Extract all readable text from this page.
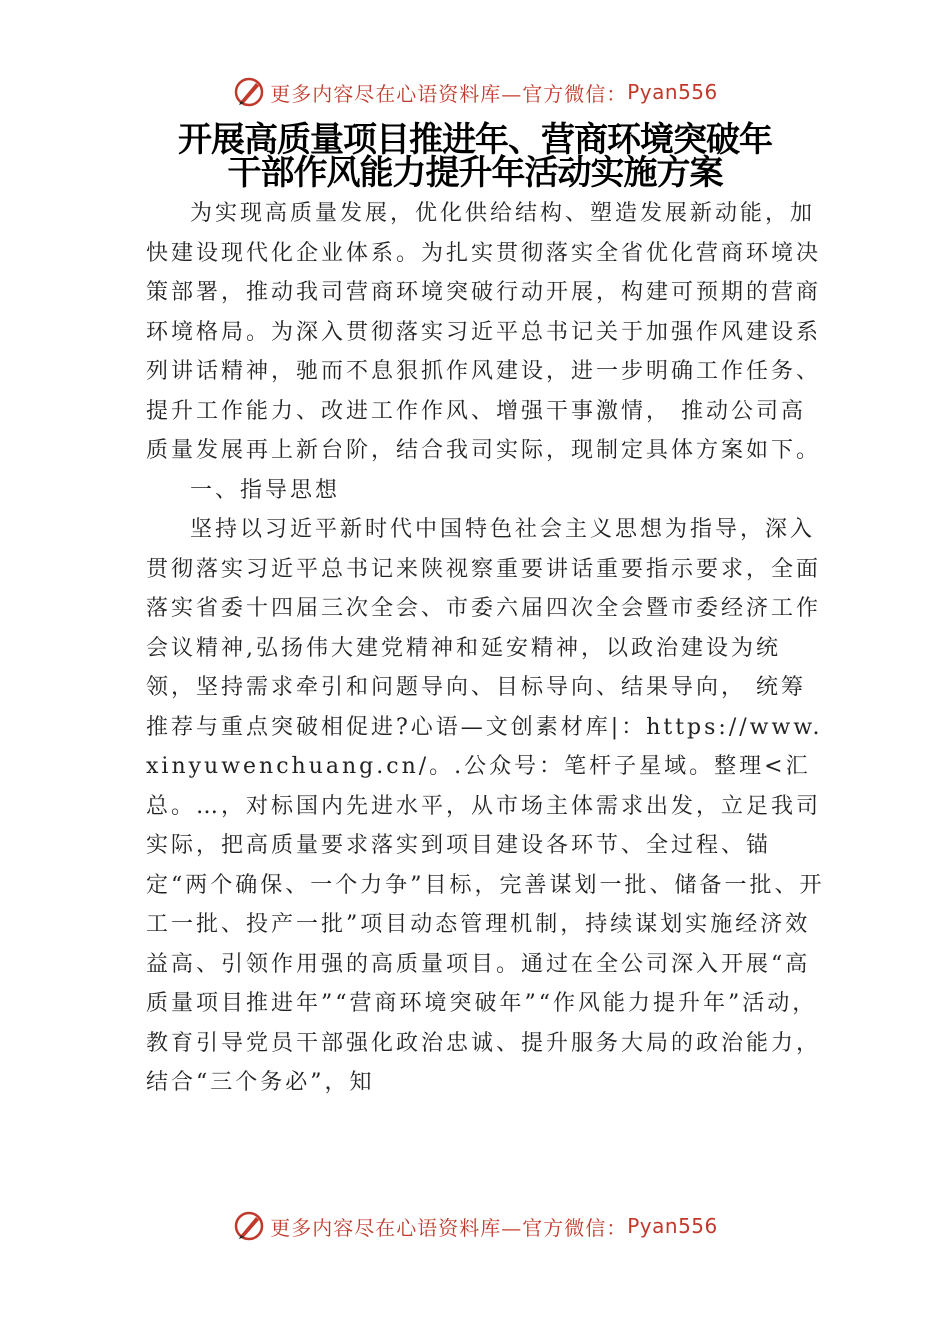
更多内容尽在心语资料库—官方微信： Pyan556
开展高质量项目推进年、营商环境突破年
干部作风能力提升年活动实施方案

为实现高质量发展，优化供给结构、塑造发展新动能，加快建设现代化企业体系。为扎实贯彻落实全省优化营商环境决策部署，推动我司营商环境突破行动开展，构建可预期的营商环境格局。为深入贯彻落实习近平总书记关于加强作风建设系列讲话精神，驰而不息狠抓作风建设，进一步明确工作任务、提升工作能力、改进工作作风、增强干事激情， 推动公司高质量发展再上新台阶，结合我司实际，现制定具体方案如下。

一、指导思想

坚持以习近平新时代中国特色社会主义思想为指导，深入贯彻落实习近平总书记来陕视察重要讲话重要指示要求，全面落实省委十四届三次全会、市委六届四次全会暨市委经济工作会议精神,弘扬伟大建党精神和延安精神，以政治建设为统领，坚持需求牵引和问题导向、目标导向、结果导向， 统筹推荐与重点突破相促进?心语—文创素材库|：https://www.xinyuwenchuang.cn/。.公众号：笔杆子星域。整理<汇总。…，对标国内先进水平，从市场主体需求出发，立足我司实际，把高质量要求落实到项目建设各环节、全过程、锚定“两个确保、一个力争”目标，完善谋划一批、储备一批、开工一批、投产一批”项目动态管理机制，持续谋划实施经济效益高、引领作用强的高质量项目。通过在全公司深入开展“高质量项目推进年”“营商环境突破年”“作风能力提升年”活动，教育引导党员干部强化政治忠诚、提升服务大局的政治能力，结合“三个务必”，知

更多内容尽在心语资料库—官方微信： Pyan556
